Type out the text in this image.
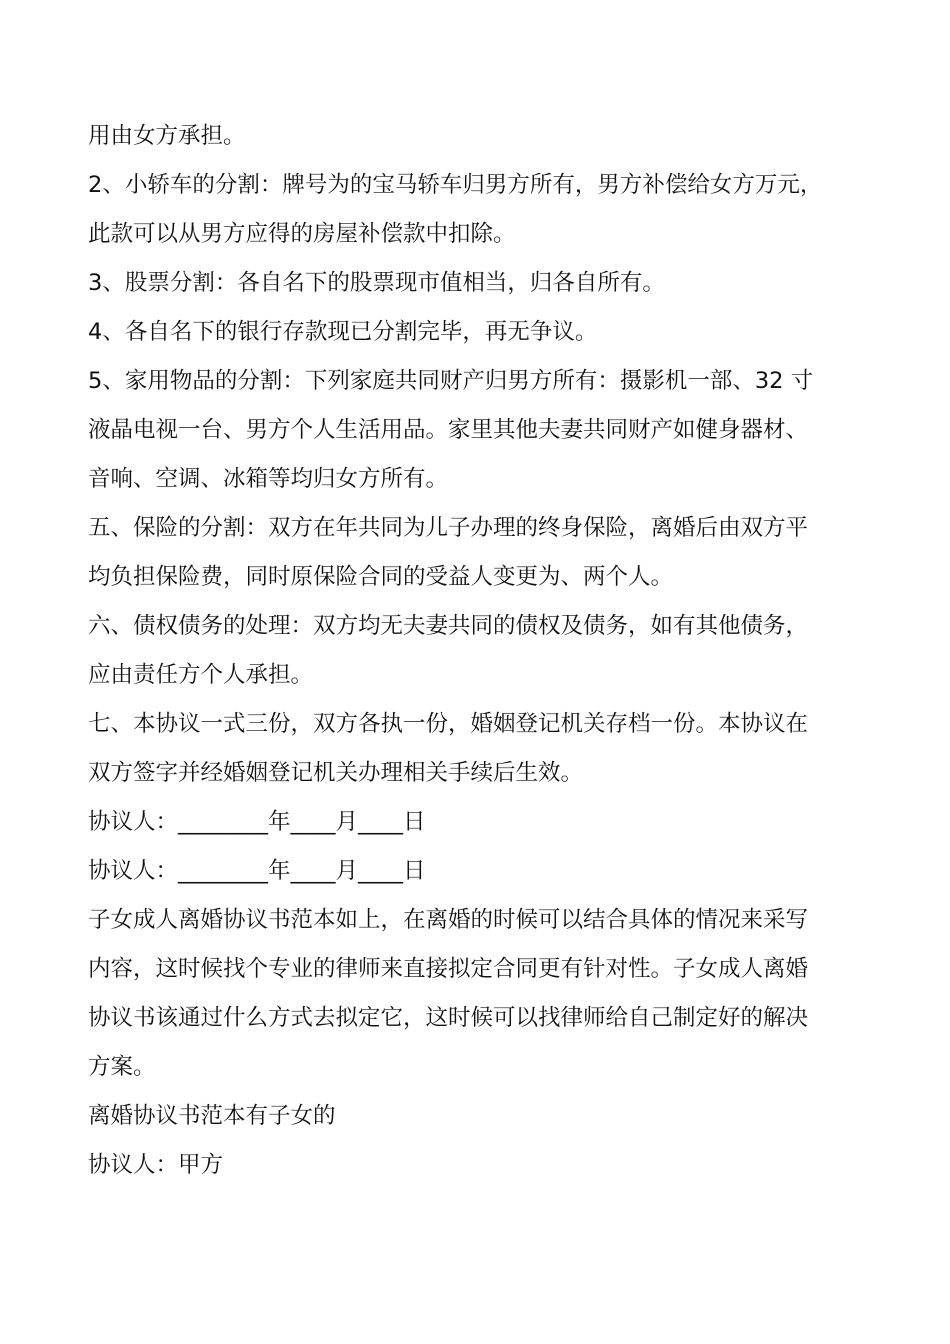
用由女方承担。

2、小轿车的分割：牌号为的宝马轿车归男方所有，男方补偿给女方万元，
此款可以从男方应得的房屋补偿款中扣除。

3、股票分割：各自名下的股票现市值相当，归各自所有。

4、各自名下的银行存款现已分割完毕，再无争议。

5、家用物品的分割：下列家庭共同财产归男方所有：摄影机一部、32 寸
液晶电视一台、男方个人生活用品。家里其他夫妻共同财产如健身器材、
音响、空调、冰箱等均归女方所有。

五、保险的分割：双方在年共同为儿子办理的终身保险，离婚后由双方平
均负担保险费，同时原保险合同的受益人变更为、两个人。

六、债权债务的处理：双方均无夫妻共同的债权及债务，如有其他债务，
应由责任方个人承担。

七、本协议一式三份，双方各执一份，婚姻登记机关存档一份。本协议在
双方签字并经婚姻登记机关办理相关手续后生效。

协议人：________年____月____日

协议人：________年____月____日

子女成人离婚协议书范本如上，在离婚的时候可以结合具体的情况来采写
内容，这时候找个专业的律师来直接拟定合同更有针对性。子女成人离婚
协议书该通过什么方式去拟定它，这时候可以找律师给自己制定好的解决
方案。

离婚协议书范本有子女的

协议人：甲方
